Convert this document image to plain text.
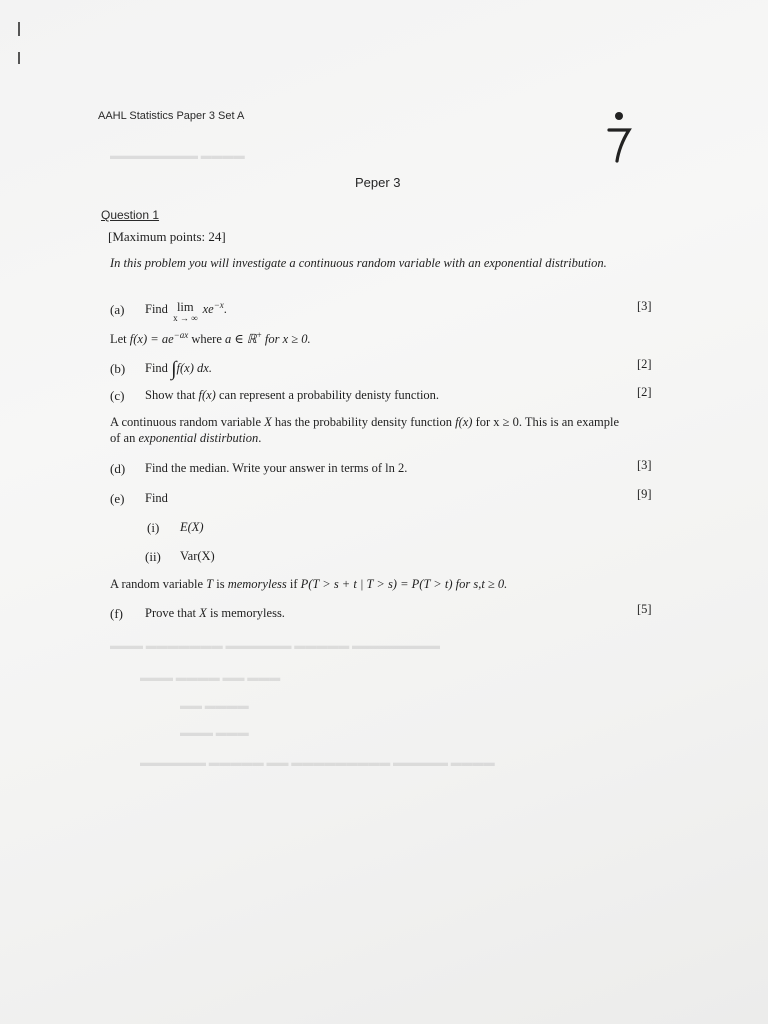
▬▬▬▬▬▬▬▬ ▬▬▬▬
▬▬▬ ▬▬▬▬▬▬▬ ▬▬▬▬▬▬ ▬▬▬▬▬ ▬▬▬▬▬▬▬▬
▬▬▬ ▬▬▬▬ ▬▬ ▬▬▬
▬▬ ▬▬▬▬
▬▬▬ ▬▬▬
▬▬▬▬▬▬ ▬▬▬▬▬ ▬▬ ▬▬▬▬▬▬▬▬▬ ▬▬▬▬▬ ▬▬▬▬
AAHL Statistics Paper 3 Set A
Peper 3
Question 1
[Maximum points: 24]
In this problem you will investigate a continuous random variable with an exponential distribution.
(a) Find lim
x → ∞
$xe^{-x}$.	[3]
Let $f(x) = ae^{-ax}$ where a ∈ ℝ+ for x ≥ 0.
(b) Find ∫f(x) dx.	[2]
(c) Show that f(x) can represent a probability denisty function.	[2]
A continuous random variable X has the probability density function f(x) for x ≥ 0. This is an example of an exponential distirbution.
(d) Find the median. Write your answer in terms of ln 2.	[3]
(e) Find	[9]
(i) E(X)
(ii) Var(X)
A random variable T is memoryless if P(T > s + t | T > s) = P(T > t) for s,t ≥ 0.
(f) Prove that X is memoryless.	[5]
